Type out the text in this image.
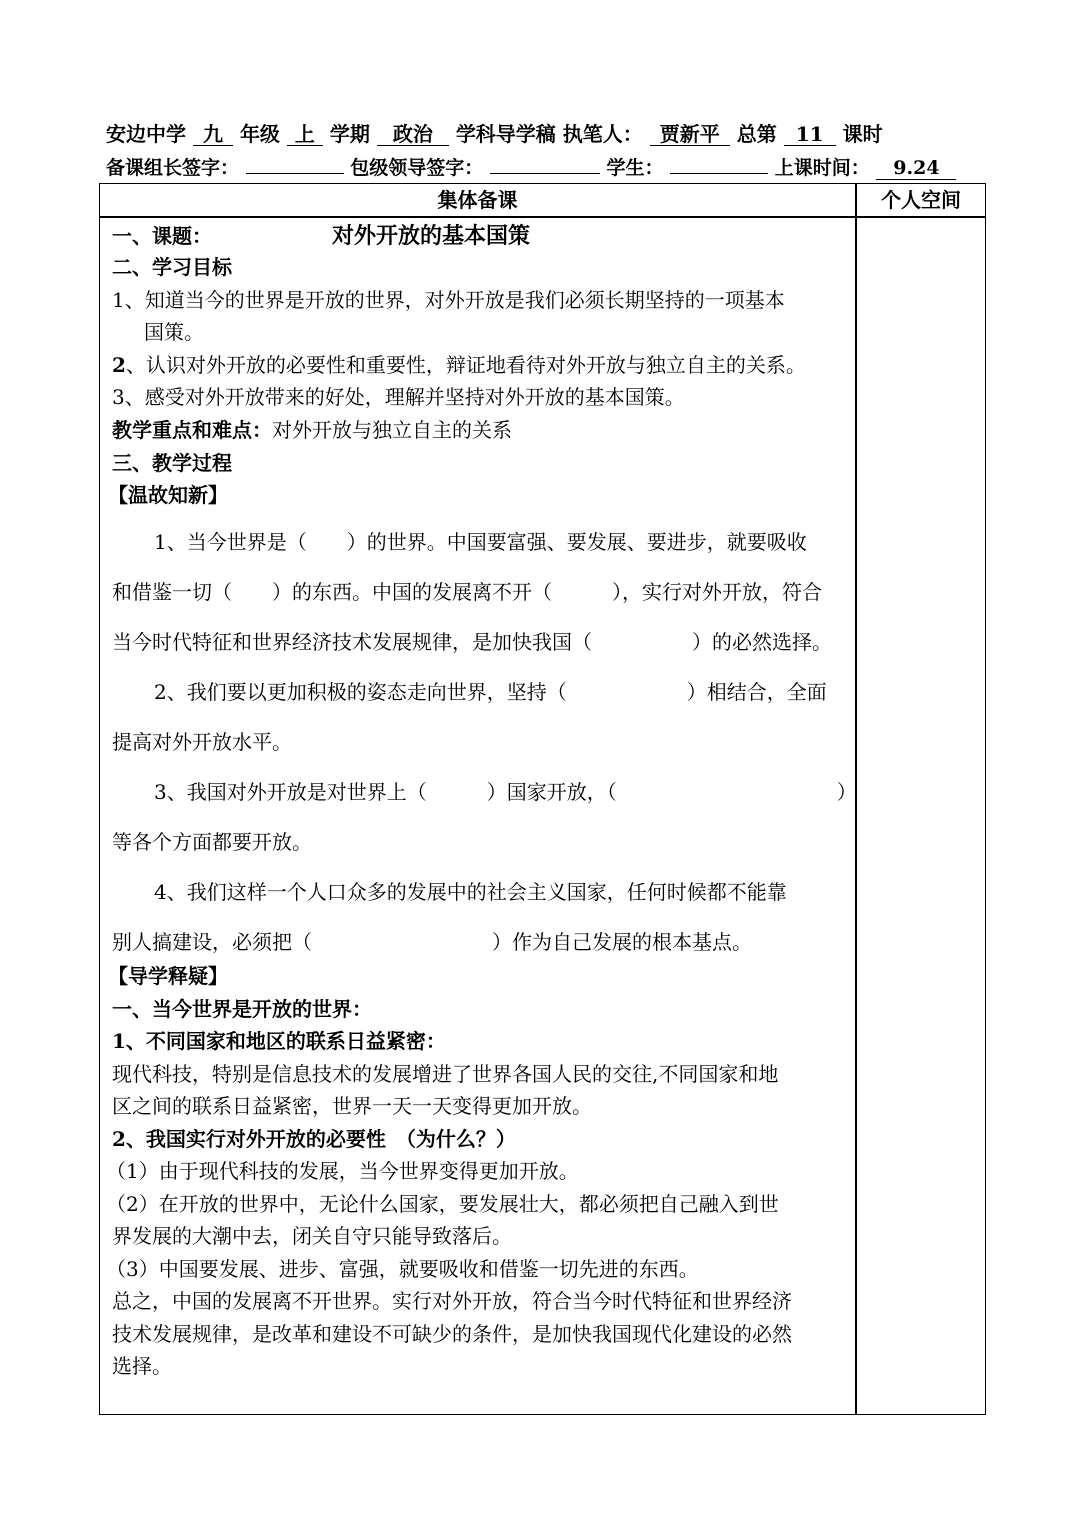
安边中学 九 年级 上 学期 政治 学科导学稿 执笔人： 贾新平 总第 11 课时
备课组长签字：	包级领导签字：	学生：	上课时间： 9.24
集体备课	个人空间
一、课题：	对外开放的基本国策
二、学习目标
1、知道当今的世界是开放的世界，对外开放是我们必须长期坚持的一项基本
国策。
2、认识对外开放的必要性和重要性，辩证地看待对外开放与独立自主的关系。
3、感受对外开放带来的好处，理解并坚持对外开放的基本国策。
教学重点和难点：对外开放与独立自主的关系
三、教学过程
【温故知新】
1、当今世界是（　　）的世界。中国要富强、要发展、要进步，就要吸收
和借鉴一切（　　）的东西。中国的发展离不开（　　　），实行对外开放，符合
当今时代特征和世界经济技术发展规律，是加快我国（　　　　　）的必然选择。
2、我们要以更加积极的姿态走向世界，坚持（　　　　　　）相结合，全面
提高对外开放水平。
3、我国对外开放是对世界上（　　　）国家开放，（　　　　　　　　　　　）
等各个方面都要开放。
4、我们这样一个人口众多的发展中的社会主义国家，任何时候都不能靠
别人搞建设，必须把（　　　　　　　　　）作为自己发展的根本基点。
【导学释疑】
一、当今世界是开放的世界：
1、不同国家和地区的联系日益紧密：
现代科技，特别是信息技术的发展增进了世界各国人民的交往,不同国家和地
区之间的联系日益紧密，世界一天一天变得更加开放。
2、我国实行对外开放的必要性　（为什么？）
（1）由于现代科技的发展，当今世界变得更加开放。
（2）在开放的世界中，无论什么国家，要发展壮大，都必须把自己融入到世
界发展的大潮中去，闭关自守只能导致落后。
（3）中国要发展、进步、富强，就要吸收和借鉴一切先进的东西。
总之，中国的发展离不开世界。实行对外开放，符合当今时代特征和世界经济
技术发展规律，是改革和建设不可缺少的条件，是加快我国现代化建设的必然
选择。
